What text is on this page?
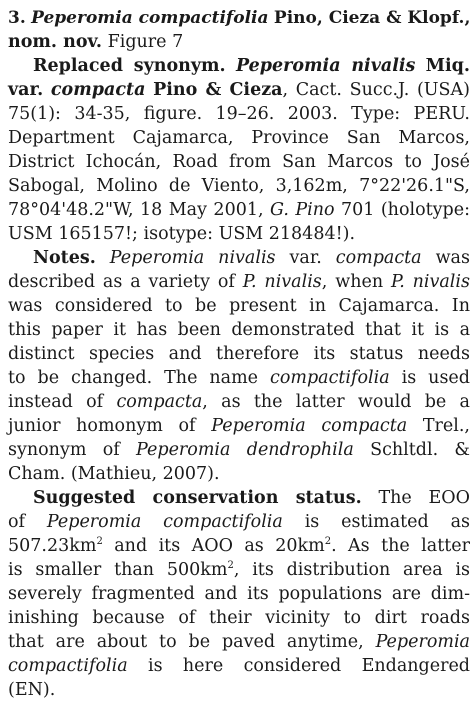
3. Peperomia compactifolia Pino, Cieza & Klopf.,
nom. nov. Figure 7
Replaced synonym. Peperomia nivalis Miq.
var. compacta Pino & Cieza, Cact. Succ.J. (USA)
75(1): 34-35, figure. 19–26. 2003. Type: PERU.
Department Cajamarca, Province San Marcos,
District Ichocán, Road from San Marcos to José
Sabogal, Molino de Viento, 3,162m, 7°22'26.1"S,
78°04'48.2"W, 18 May 2001, G. Pino 701 (holotype:
USM 165157!; isotype: USM 218484!).
Notes. Peperomia nivalis var. compacta was
described as a variety of P. nivalis, when P. nivalis
was considered to be present in Cajamarca. In
this paper it has been demonstrated that it is a
distinct species and therefore its status needs
to be changed. The name compactifolia is used
instead of compacta, as the latter would be a
junior homonym of Peperomia compacta Trel.,
synonym of Peperomia dendrophila Schltdl. &
Cham. (Mathieu, 2007).
Suggested conservation status. The EOO
of Peperomia compactifolia is estimated as
$507.23km^2$ and its AOO as $20km^2$. As the latter
is smaller than $500km^2$, its distribution area is
severely fragmented and its populations are dim-
inishing because of their vicinity to dirt roads
that are about to be paved anytime, Peperomia
compactifolia is here considered Endangered
(EN).
